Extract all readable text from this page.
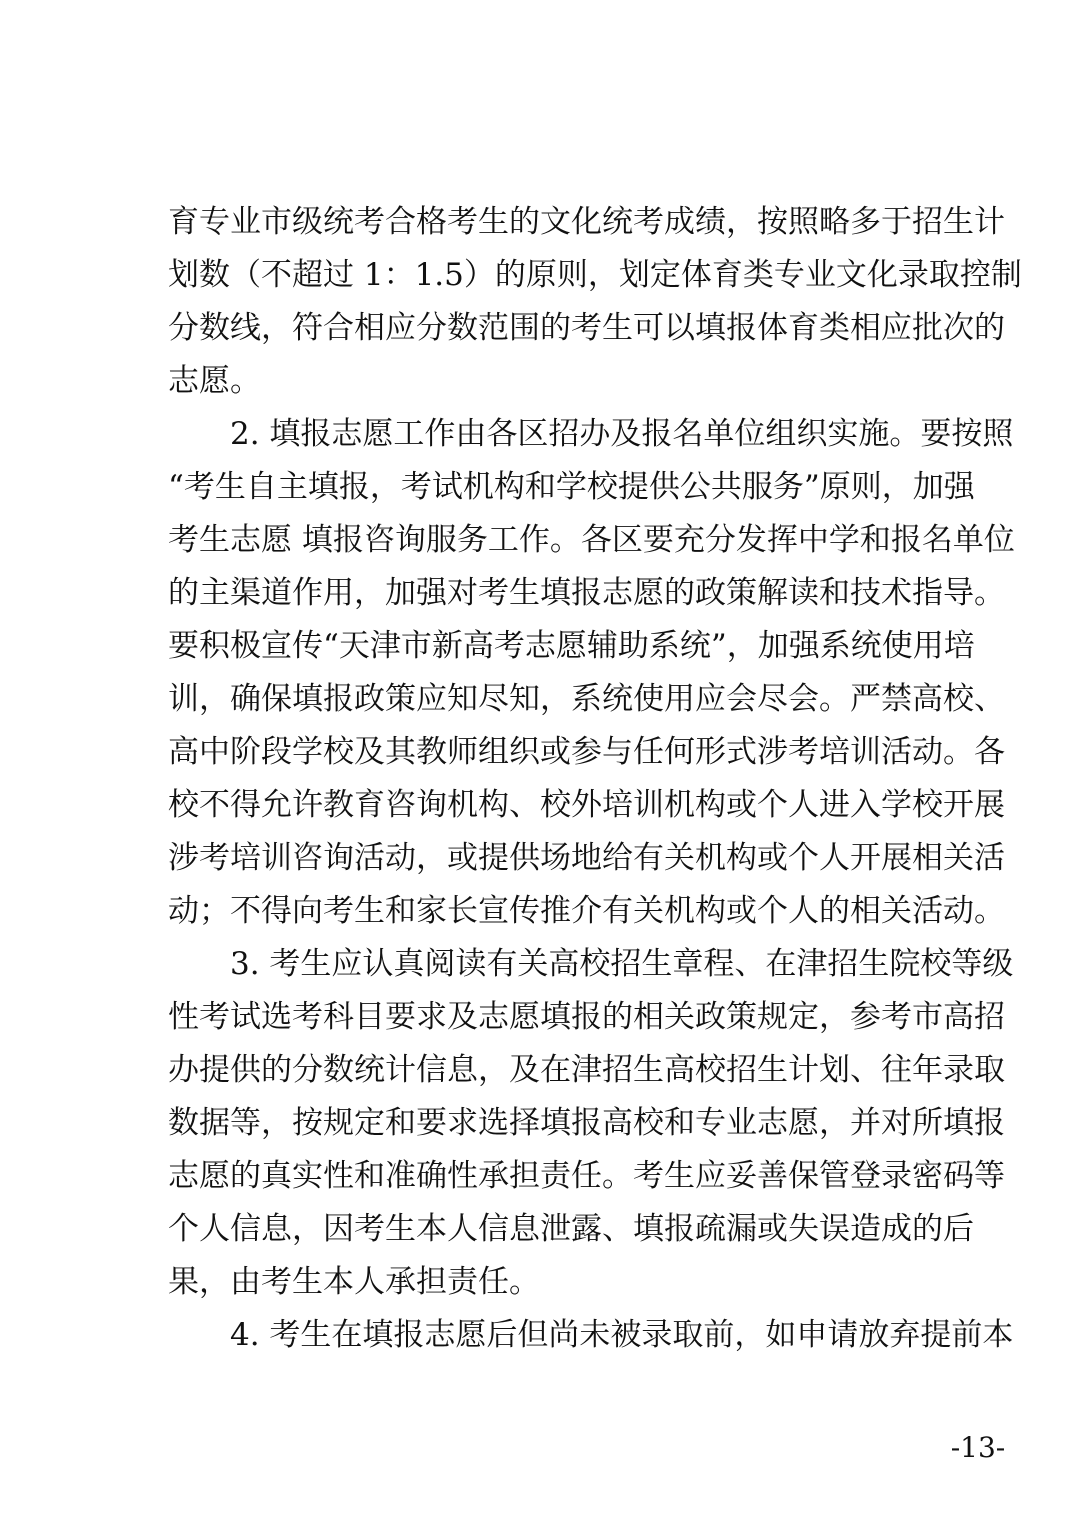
育专业市级统考合格考生的文化统考成绩，按照略多于招生计
划数（不超过 1：1.5）的原则，划定体育类专业文化录取控制
分数线，符合相应分数范围的考生可以填报体育类相应批次的
志愿。
2. 填报志愿工作由各区招办及报名单位组织实施。要按照
“考生自主填报，考试机构和学校提供公共服务”原则，加强
考生志愿 填报咨询服务工作。各区要充分发挥中学和报名单位
的主渠道作用，加强对考生填报志愿的政策解读和技术指导。
要积极宣传“天津市新高考志愿辅助系统”，加强系统使用培
训，确保填报政策应知尽知，系统使用应会尽会。严禁高校、
高中阶段学校及其教师组织或参与任何形式涉考培训活动。各
校不得允许教育咨询机构、校外培训机构或个人进入学校开展
涉考培训咨询活动，或提供场地给有关机构或个人开展相关活
动；不得向考生和家长宣传推介有关机构或个人的相关活动。
3. 考生应认真阅读有关高校招生章程、在津招生院校等级
性考试选考科目要求及志愿填报的相关政策规定，参考市高招
办提供的分数统计信息，及在津招生高校招生计划、往年录取
数据等，按规定和要求选择填报高校和专业志愿，并对所填报
志愿的真实性和准确性承担责任。考生应妥善保管登录密码等
个人信息，因考生本人信息泄露、填报疏漏或失误造成的后
果，由考生本人承担责任。
4. 考生在填报志愿后但尚未被录取前，如申请放弃提前本
-13-
